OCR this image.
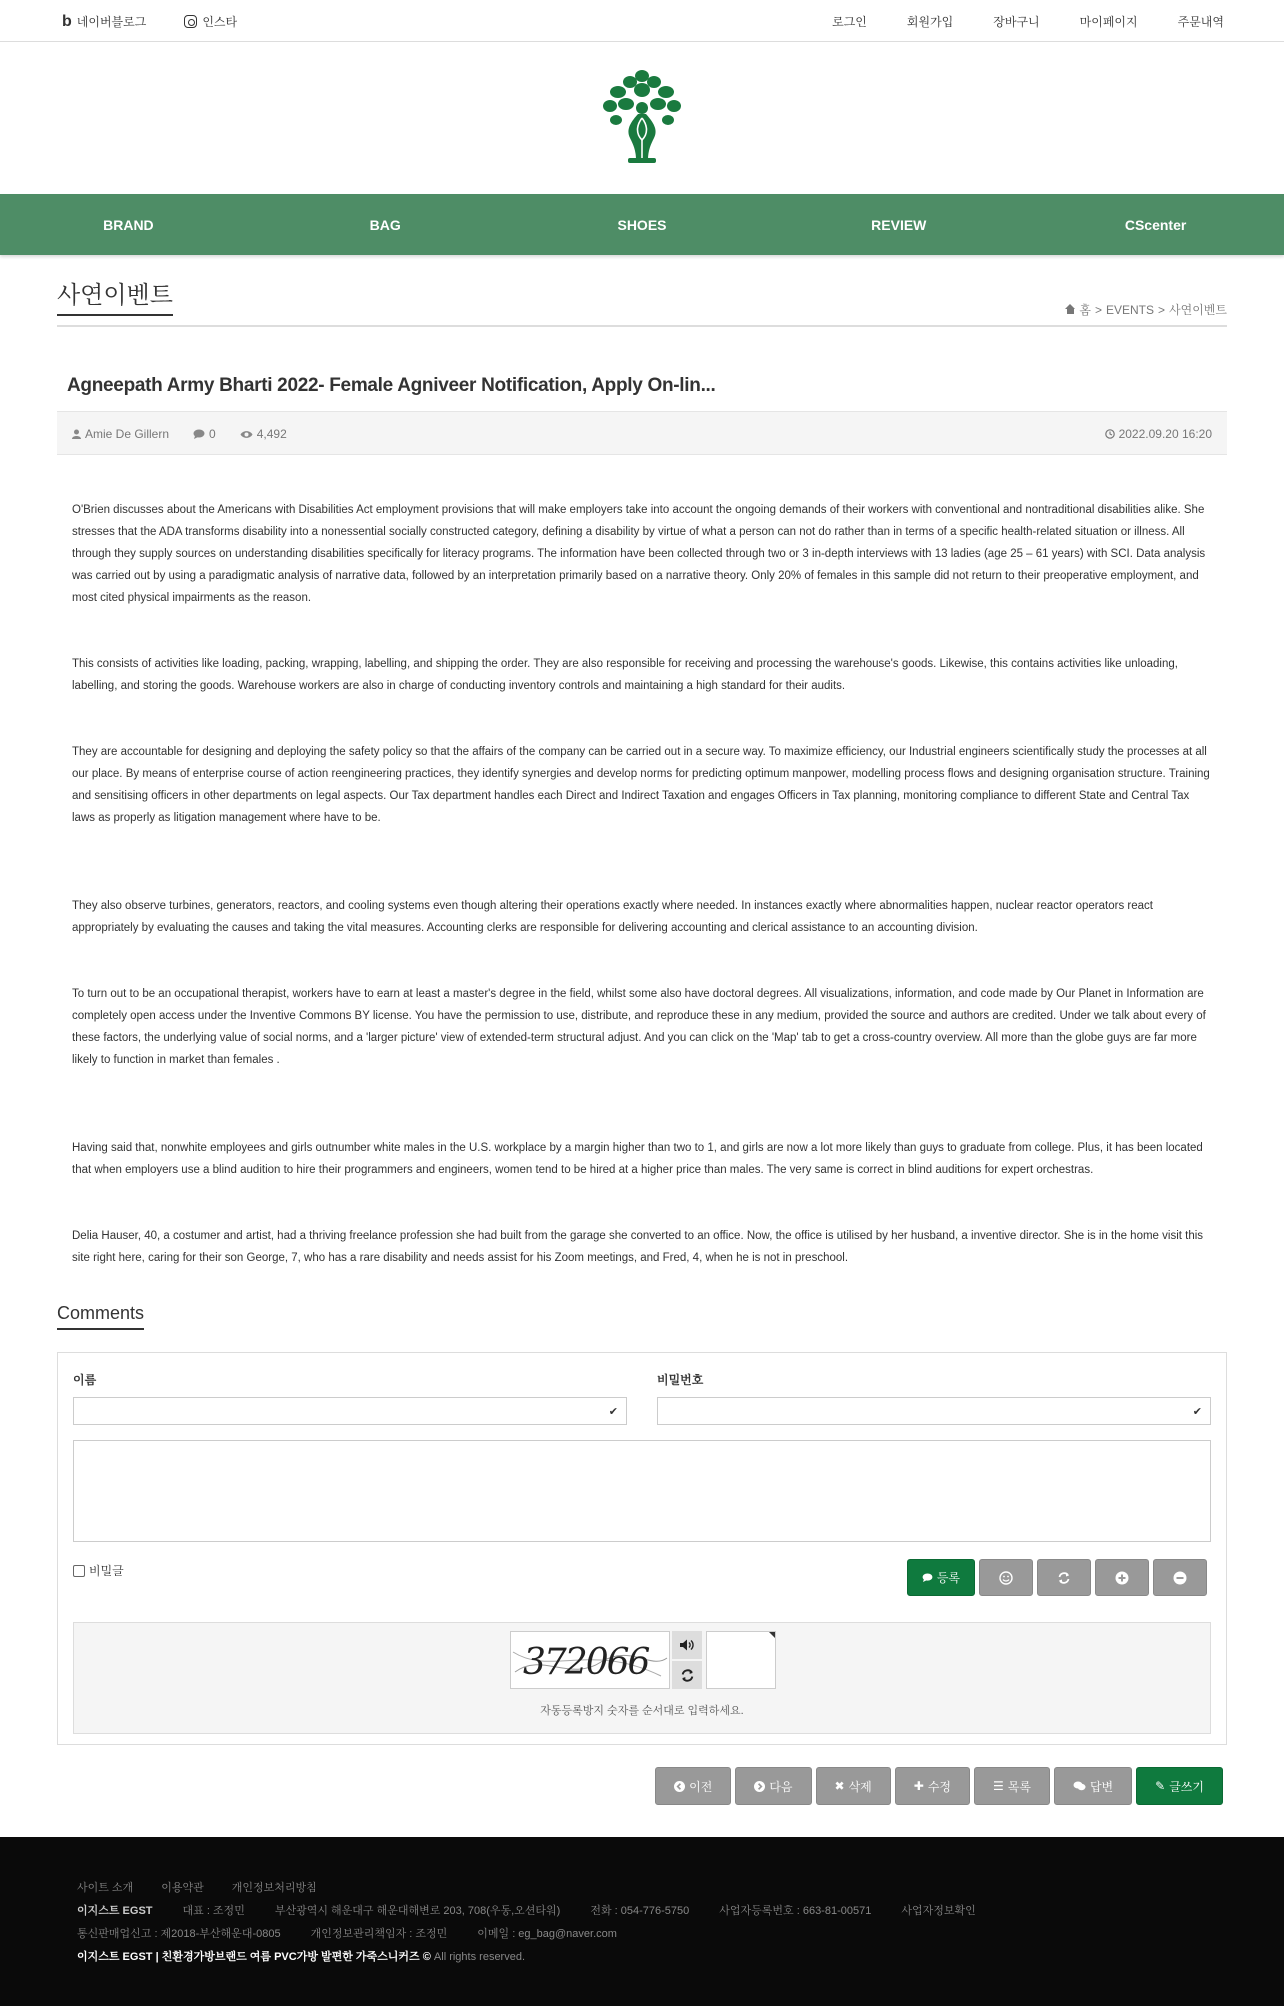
b 네이버블로그	인스타	로그인	회원가입	장바구니	마이페이지	주문내역
BRAND	BAG	SHOES	REVIEW	CScenter
사연이벤트
홈 > EVENTS > 사연이벤트
Agneepath Army Bharti 2022- Female Agniveer Notification, Apply On-lin...
Amie De Gillern	0	4,492	2022.09.20 16:20

O'Brien discusses about the Americans with Disabilities Act employment provisions that will make employers take into account the ongoing demands of their workers with conventional and nontraditional disabilities alike. She stresses that the ADA transforms disability into a nonessential socially constructed category, defining a disability by virtue of what a person can not do rather than in terms of a specific health-related situation or illness. All through they supply sources on understanding disabilities specifically for literacy programs. The information have been collected through two or 3 in-depth interviews with 13 ladies (age 25 – 61 years) with SCI. Data analysis was carried out by using a paradigmatic analysis of narrative data, followed by an interpretation primarily based on a narrative theory. Only 20% of females in this sample did not return to their preoperative employment, and most cited physical impairments as the reason.

This consists of activities like loading, packing, wrapping, labelling, and shipping the order. They are also responsible for receiving and processing the warehouse's goods. Likewise, this contains activities like unloading, labelling, and storing the goods. Warehouse workers are also in charge of conducting inventory controls and maintaining a high standard for their audits.

They are accountable for designing and deploying the safety policy so that the affairs of the company can be carried out in a secure way. To maximize efficiency, our Industrial engineers scientifically study the processes at all our place. By means of enterprise course of action reengineering practices, they identify synergies and develop norms for predicting optimum manpower, modelling process flows and designing organisation structure. Training and sensitising officers in other departments on legal aspects. Our Tax department handles each Direct and Indirect Taxation and engages Officers in Tax planning, monitoring compliance to different State and Central Tax laws as properly as litigation management where have to be.

They also observe turbines, generators, reactors, and cooling systems even though altering their operations exactly where needed. In instances exactly where abnormalities happen, nuclear reactor operators react appropriately by evaluating the causes and taking the vital measures. Accounting clerks are responsible for delivering accounting and clerical assistance to an accounting division.

To turn out to be an occupational therapist, workers have to earn at least a master's degree in the field, whilst some also have doctoral degrees. All visualizations, information, and code made by Our Planet in Information are completely open access under the Inventive Commons BY license. You have the permission to use, distribute, and reproduce these in any medium, provided the source and authors are credited. Under we talk about every of these factors, the underlying value of social norms, and a 'larger picture' view of extended-term structural adjust. And you can click on the 'Map' tab to get a cross-country overview. All more than the globe guys are far more likely to function in market than females .

Having said that, nonwhite employees and girls outnumber white males in the U.S. workplace by a margin higher than two to 1, and girls are now a lot more likely than guys to graduate from college. Plus, it has been located that when employers use a blind audition to hire their programmers and engineers, women tend to be hired at a higher price than males. The very same is correct in blind auditions for expert orchestras.

Delia Hauser, 40, a costumer and artist, had a thriving freelance profession she had built from the garage she converted to an office. Now, the office is utilised by her husband, a inventive director. She is in the home visit this site right here, caring for their son George, 7, who has a rare disability and needs assist for his Zoom meetings, and Fred, 4, when he is not in preschool.

Comments
이름
✔
비밀번호
✔
비밀글	등록
372066
자동등록방지 숫자를 순서대로 입력하세요.
이전	다음	✖ 삭제	✚ 수정	☰ 목록	답변	✎ 글쓰기
사이트 소개	이용약관	개인정보처리방침
이지스트 EGST	대표 : 조정민	부산광역시 해운대구 해운대해변로 203, 708(우동,오션타워)	전화 : 054-776-5750	사업자등록번호 : 663-81-00571	사업자정보확인
통신판매업신고 : 제2018-부산해운대-0805	개인정보관리책임자 : 조정민	이메일 : eg_bag@naver.com
이지스트 EGST | 친환경가방브랜드 여름 PVC가방 발편한 가죽스니커즈 © All rights reserved.
